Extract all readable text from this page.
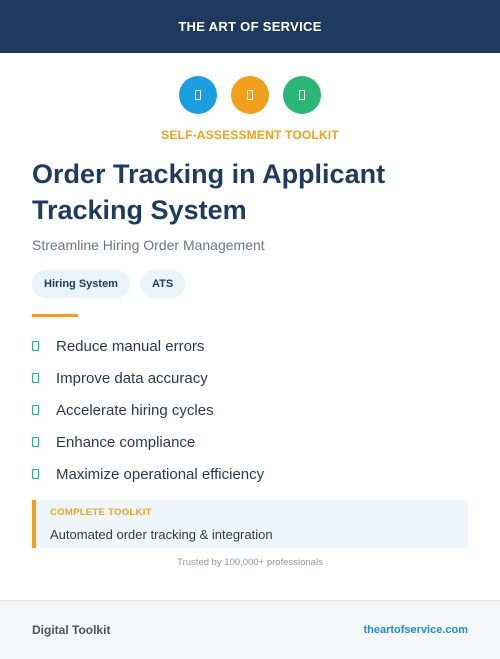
THE ART OF SERVICE
SELF-ASSESSMENT TOOLKIT
Order Tracking in Applicant Tracking System
Streamline Hiring Order Management
Hiring System	ATS
Reduce manual errors
Improve data accuracy
Accelerate hiring cycles
Enhance compliance
Maximize operational efficiency
COMPLETE TOOLKIT
Automated order tracking & integration
Trusted by 100,000+ professionals
Digital Toolkit	theartofservice.com
